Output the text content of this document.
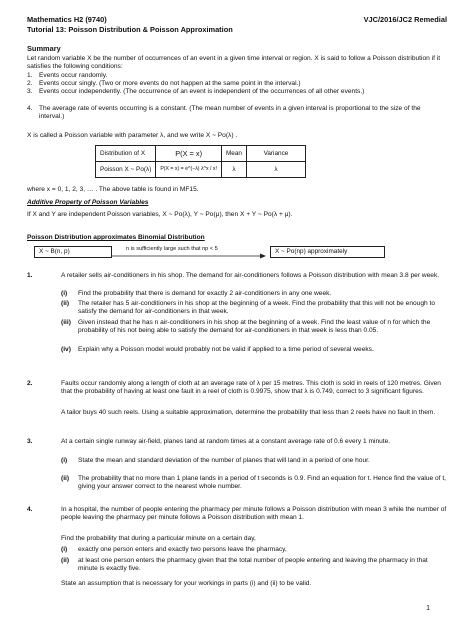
Mathematics H2 (9740)	VJC/2016/JC2 Remedial
Tutorial 13: Poisson Distribution & Poisson Approximation
Summary
Let random variable X be the number of occurrences of an event in a given time interval or region. X is said to follow a Poisson distribution if it satisfies the following conditions:
1. Events occur randomly.
2. Events occur singly. (Two or more events do not happen at the same point in the interval.)
3. Events occur independently. (The occurrence of an event is independent of the occurrences of all other events.)
4. The average rate of events occurring is a constant. (The mean number of events in a given interval is proportional to the size of the interval.)
X is called a Poisson variable with parameter λ, and we write X ~ Po(λ) .
Distribution of X	P(X = x)	Mean	Variance
Poisson X ~ Po(λ)	P(X = x) = e^(−λ) λ^x / x!	λ	λ
where x = 0, 1, 2, 3, … . The above table is found in MF15.
Additive Property of Poisson Variables
If X and Y are independent Poisson variables, X ~ Po(λ), Y ~ Po(μ), then X + Y ~ Po(λ + μ).
Poisson Distribution approximates Binomial Distribution
X ~ B(n, p)	n is sufficiently large such that np < 5	X ~ Po(np) approximately
1.	A retailer sells air-conditioners in his shop. The demand for air-conditioners follows a Poisson distribution with mean 3.8 per week.
(i) Find the probability that there is demand for exactly 2 air-conditioners in any one week.
(ii) The retailer has 5 air-conditioners in his shop at the beginning of a week. Find the probability that this will not be enough to satisfy the demand for air-conditioners in that week.
(iii) Given instead that he has n air-conditioners in his shop at the beginning of a week. Find the least value of n for which the probability of his not being able to satisfy the demand for air-conditioners in that week is less than 0.05.
(iv) Explain why a Poisson model would probably not be valid if applied to a time period of several weeks.
2.	Faults occur randomly along a length of cloth at an average rate of λ per 15 metres. This cloth is sold in reels of 120 metres. Given that the probability of having at least one fault in a reel of cloth is 0.9975, show that λ is 0.749, correct to 3 significant figures.
A tailor buys 40 such reels. Using a suitable approximation, determine the probability that less than 2 reels have no fault in them.
3.	At a certain single runway air-field, planes land at random times at a constant average rate of 0.6 every 1 minute.
(i) State the mean and standard deviation of the number of planes that will land in a period of one hour.
(ii) The probability that no more than 1 plane lands in a period of t seconds is 0.9. Find an equation for t. Hence find the value of t, giving your answer correct to the nearest whole number.
4.	In a hospital, the number of people entering the pharmacy per minute follows a Poisson distribution with mean 3 while the number of people leaving the pharmacy per minute follows a Poisson distribution with mean 1.
Find the probability that during a particular minute on a certain day,
(i) exactly one person enters and exactly two persons leave the pharmacy,
(ii) at least one person enters the pharmacy given that the total number of people entering and leaving the pharmacy in that minute is exactly five.
State an assumption that is necessary for your workings in parts (i) and (ii) to be valid.
1
